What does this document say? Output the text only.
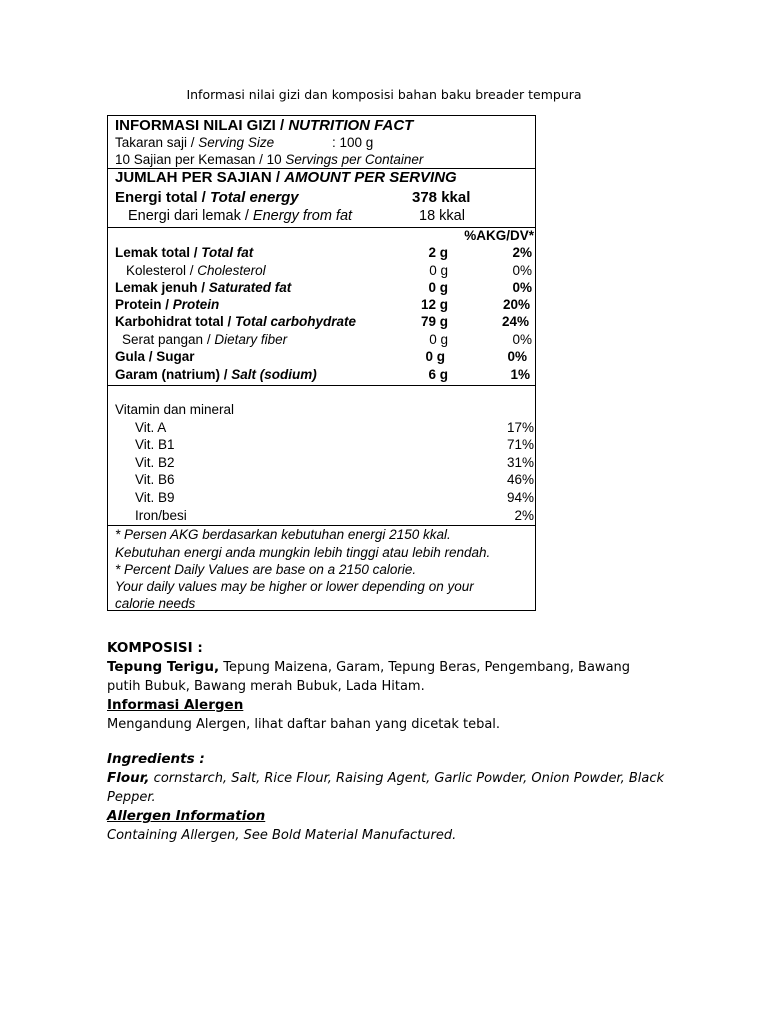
Informasi nilai gizi dan komposisi bahan baku breader tempura
INFORMASI NILAI GIZI / NUTRITION FACT
Takaran saji / Serving Size	: 100 g
10 Sajian per Kemasan / 10 Servings per Container
JUMLAH PER SAJIAN / AMOUNT PER SERVING
Energi total / Total energy	378 kkal
Energi dari lemak / Energy from fat	18 kkal
%AKG/DV*
Lemak total / Total fat	2 g	2%
Kolesterol / Cholesterol	0 g	0%
Lemak jenuh / Saturated fat	0 g	0%
Protein / Protein	12 g	20%
Karbohidrat total / Total carbohydrate	79 g	24%
Serat pangan / Dietary fiber	0 g	0%
Gula / Sugar	0 g	0%
Garam (natrium) / Salt (sodium)	6 g	1%
Vitamin dan mineral
Vit. A	17%
Vit. B1	71%
Vit. B2	31%
Vit. B6	46%
Vit. B9	94%
Iron/besi	2%
* Persen AKG berdasarkan kebutuhan energi 2150 kkal.
Kebutuhan energi anda mungkin lebih tinggi atau lebih rendah.
* Percent Daily Values are base on a 2150 calorie.
Your daily values may be higher or lower depending on your calorie needs
KOMPOSISI :
Tepung Terigu, Tepung Maizena, Garam, Tepung Beras, Pengembang, Bawang putih Bubuk, Bawang merah Bubuk, Lada Hitam.
Informasi Alergen
Mengandung Alergen, lihat daftar bahan yang dicetak tebal.
Ingredients :
Flour, cornstarch, Salt, Rice Flour, Raising Agent, Garlic Powder, Onion Powder, Black Pepper.
Allergen Information
Containing Allergen, See Bold Material Manufactured.
